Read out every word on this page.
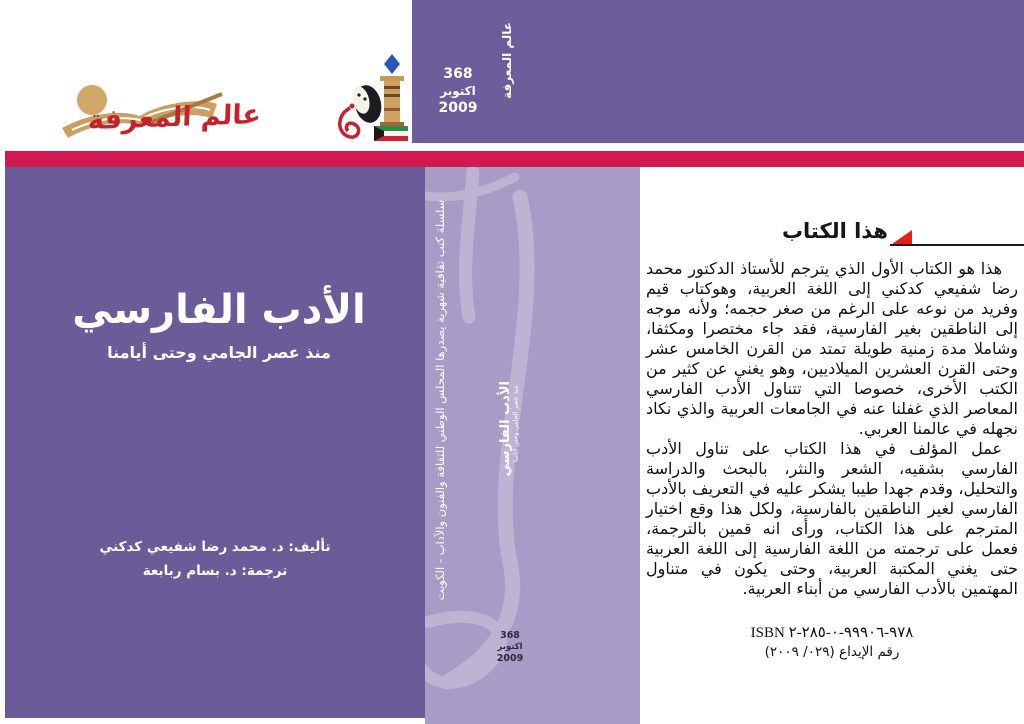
عالم المعرفة
368
اكتوبر
2009
عالم المعرفة
الأدب الفارسي
منذ عصر الجامي وحتى أيامنا
تأليف: د. محمد رضا شفيعي كدكني
ترجمة: د. بسام ربابعة	سلسلة كتب ثقافية شهرية يصدرها المجلس الوطني للثقافة والفنون والآداب - الكويت	الأدب الفارسي
منذ عصر الجامي وحتى أيامنا
368
اكتوبر
2009
هذا الكتاب

هذا هو الكتاب الأول الذي يترجم للأستاذ الدكتور محمد رضا شفيعي كدكني إلى اللغة العربية، وهوكتاب قيم وفريد من نوعه على الرغم من صغر حجمه؛ ولأنه موجه إلى الناطقين بغير الفارسية، فقد جاء مختصرا ومكثفا، وشاملا مدة زمنية طويلة تمتد من القرن الخامس عشر وحتى القرن العشرين الميلاديين، وهو يغني عن كثير من الكتب الأخرى، خصوصا التي تتناول الأدب الفارسي المعاصر الذي غفلنا عنه في الجامعات العربية والذي نكاد نجهله في عالمنا العربي.

عمل المؤلف في هذا الكتاب على تناول الأدب الفارسي بشقيه، الشعر والنثر، بالبحث والدراسة والتحليل، وقدم جهدا طيبا يشكر عليه في التعريف بالأدب الفارسي لغير الناطقين بالفارسية، ولكل هذا وقع اختيار المترجم على هذا الكتاب، ورأى انه قمين بالترجمة، فعمل على ترجمته من اللغة الفارسية إلى اللغة العربية حتى يغني المكتبة العربية، وحتى يكون في متناول المهتمين بالأدب الفارسي من أبناء العربية.

ISBN ٩٧٨-٩٩٩٠٦-٠-٢٨٥-٢
رقم الإيداع (٠٢٩/ ٢٠٠٩)
